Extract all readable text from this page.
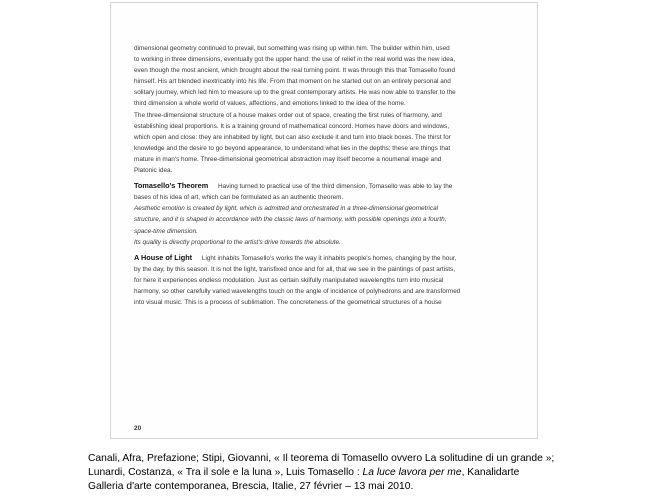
dimensional geometry continued to prevail, but something was rising up within him. The builder within him, used

to working in three dimensions, eventually got the upper hand: the use of relief in the real world was the new idea,

even though the most ancient, which brought about the real turning point. It was through this that Tomasello found

himself. His art blended inextricably into his life. From that moment on he started out on an entirely personal and

solitary journey, which led him to measure up to the great contemporary artists. He was now able to transfer to the

third dimension a whole world of values, affections, and emotions linked to the idea of the home.

The three-dimensional structure of a house makes order out of space, creating the first rules of harmony, and

establishing ideal proportions. It is a training ground of mathematical concord. Homes have doors and windows,

which open and close: they are inhabited by light, but can also exclude it and turn into black boxes. The thirst for

knowledge and the desire to go beyond appearance, to understand what lies in the depths: these are things that

mature in man's home. Three-dimensional geometrical abstraction may itself become a noumenal image and

Platonic idea.

Tomasello's Theorem Having turned to practical use of the third dimension, Tomasello was able to lay the

bases of his idea of art, which can be formulated as an authentic theorem.

Aesthetic emotion is created by light, which is admitted and orchestrated in a three-dimensional geometrical

structure, and it is shaped in accordance with the classic laws of harmony, with possible openings into a fourth,

space-time dimension.

Its quality is directly proportional to the artist's drive towards the absolute.

A House of Light Light inhabits Tomasello's works the way it inhabits people's homes, changing by the hour,

by the day, by this season. It is not the light, transfixed once and for all, that we see in the paintings of past artists,

for here it experiences endless modulation. Just as certain skilfully manipulated wavelengths turn into musical

harmony, so other carefully varied wavelengths touch on the angle of incidence of polyhedrons and are transformed

into visual music. This is a process of sublimation. The concreteness of the geometrical structures of a house

20

Canali, Afra, Prefazione; Stipi, Giovanni, « Il teorema di Tomasello ovvero La solitudine di un grande »;

Lunardi, Costanza, « Tra il sole e la luna », Luis Tomasello : La luce lavora per me, Kanalidarte

Galleria d'arte contemporanea, Brescia, Italie, 27 février – 13 mai 2010.
